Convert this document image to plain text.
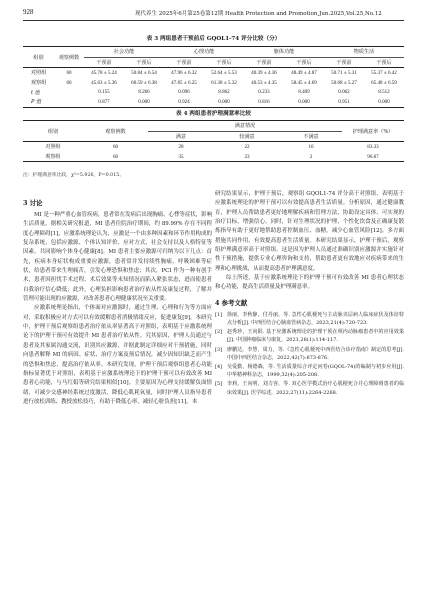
928	现代养生 2025年6月第25卷第12期 Health Protection and Promotion,Jun.2025,Vol.25,No.12
表 3 两组患者干预前后 GQOL1-74 评分比较（分）
组别	观察例数	社会功能		心理功能		躯体功能		物质生活	
		干预前	干预后	干预前	干预后	干预前	干预后	干预前	干预后
对照组	60	45.78 ± 5.24	50.84 ± 6.54	47.96 ± 6.32	52.64 ± 5.53	40.39 ± 4.36	48.49 ± 4.87	50.71 ± 5.31	55.37 ± 6.42
观察组	60	45.63 ± 5.36	60.59 ± 6.38	47.85 ± 6.25	61.38 ± 5.32	40.53 ± 4.35	58.45 ± 4.69	50.68 ± 5.27	65.48 ± 6.59
t 值		0.155	8.266	0.096	8.862	0.233	8.409	0.062	8.512
P 值		0.877	0.000	0.924	0.000	0.816	0.000	0.951	0.000
表 4 两组患者护理满意率比较
组别	观察例数	满意情况			护理满意率（%）
		满意	较满意	不满意	
对照组	60	28	22	10	83.33
观察组	60	35	23	2	96.67
注：护理满意率比较，χ²=5.926，P=0.015。
3 讨论

MI 是一种严重心血管疾病，患者常在发病后出现胸痛、心悸等症状，影响生活质量。据相关研究报道，MI 患者住院治疗期间，约 89.99% 存在不同程度心理障碍[1]，应激系统理论认为，应激是一个由多种因素和环节作用构成的复杂系统，包括应激源、个体认知评价、应对方式、社会支持以及人格特征等因素，共同影响个体身心健康[8]。MI 患者主要应激源可归纳为以下几点：首先，疾病本身症状构成重要应激源，患者常并发持续性胸痛、呼吸困难等症状，给患者带来生理痛苦，引发心理恐惧和焦虑；其次，PCI 作为一种有创手术，患者因担忧手术过程、术后效果等未知情况而陷入紧张状态，进而使患者自我治疗信心降低；此外，心理负担影响患者治疗依从性及康复过程，了解并管理可能出现的应激源，对改善患者心理健康状况至关重要。

应激系统理论指出，个体面对应激源时，通过生理、心理和行为等方面应对，采取积极应对方式可以有效缓解患者消极情绪反应，促进康复[9]。本研究中，护理干预后观察组患者治疗依从率显著高于对照组，表明基于应激系统理论下的护理干预可有效提升 MI 患者治疗依从性。究其原因，护理人员通过与患者及其家属沟通交流，识别其应激源，并据此制定详细应对干预措施，同时向患者解释 MI 的病因、症状、治疗方案及预后情况，减少因知识缺乏而产生的恐惧和焦虑，提高治疗依从率。本研究发现，护理干预后观察组患者心功能指标显著优于对照组，表明基于应激系统理论下的护理干预可以有效改善 MI 患者心功能，与马红娟等研究结果相似[10]。主要原因为心理支持缓解负面情绪，可减少交感神经系统过度激活，降低心肌耗氧量，同时护理人员指导患者进行放松训练、教授放松技巧，有助于降低心率，减轻心脏负担[11]。本

研究结果显示，护理干预后，观察组 GQOL1-74 评分高于对照组，表明基于应激系统理论的护理干预可以有效提高患者生活质量。分析原因，通过健康教育，护理人员帮助患者更好地理解疾病和管理方法，协助设定具体、可实现的治疗目标，增强信心。同时，针对生理状况的护理、个性化饮食及正确康复锻炼指导有助于更好地帮助患者控制血压、血糖，减少心血管风险[12]。多方面措施共同作用，有效提高患者生活质量。本研究结果显示，护理干预后，观察组护理满意率高于对照组。这是因为护理人员通过准确识别应激源并实施针对性干预措施，提供专业心理咨询和支持，帮助患者更有效地应对疾病带来的生理和心理挑战，从而提高患者护理满意度。

综上所述，基于应激系统理论下的护理干预可有效改善 MI 患者心理状态和心功能，提高生活质量及护理满意率。

4 参考文献
[1] 徐丽，李秋静，付丹丽，等. 急性心肌梗死与主动脉夹层病人临床症状及体征特点分析[J]. 中西医结合心脑血管病杂志，2023,21(4):720-723.
[2] 赵秀珍，王向阳. 基于应激系统理论的护理干预在颅内动脉瘤患者中的应用效果[J]. 中国肿瘤临床与康复，2021,28(1):114-117.
[3] 廖鹏达，李慧，周力，等.《急性心肌梗死中西医结合诊疗指南》制定的思考[J]. 中国中西医结合杂志，2022,42(7):873-876.
[4] 吴爱勤，杨德森，等. 生活质量综合评定问卷(GQOL-74)的编制与初步应用[J]. 中华精神科杂志，1999,32(4):205-208.
[5] 李莉，王向明，刘力容，等. 双心医学模式治疗心肌梗死合并心理障碍患者的临床效果[J]. 医学综述，2022,27(11):2264-2268.
